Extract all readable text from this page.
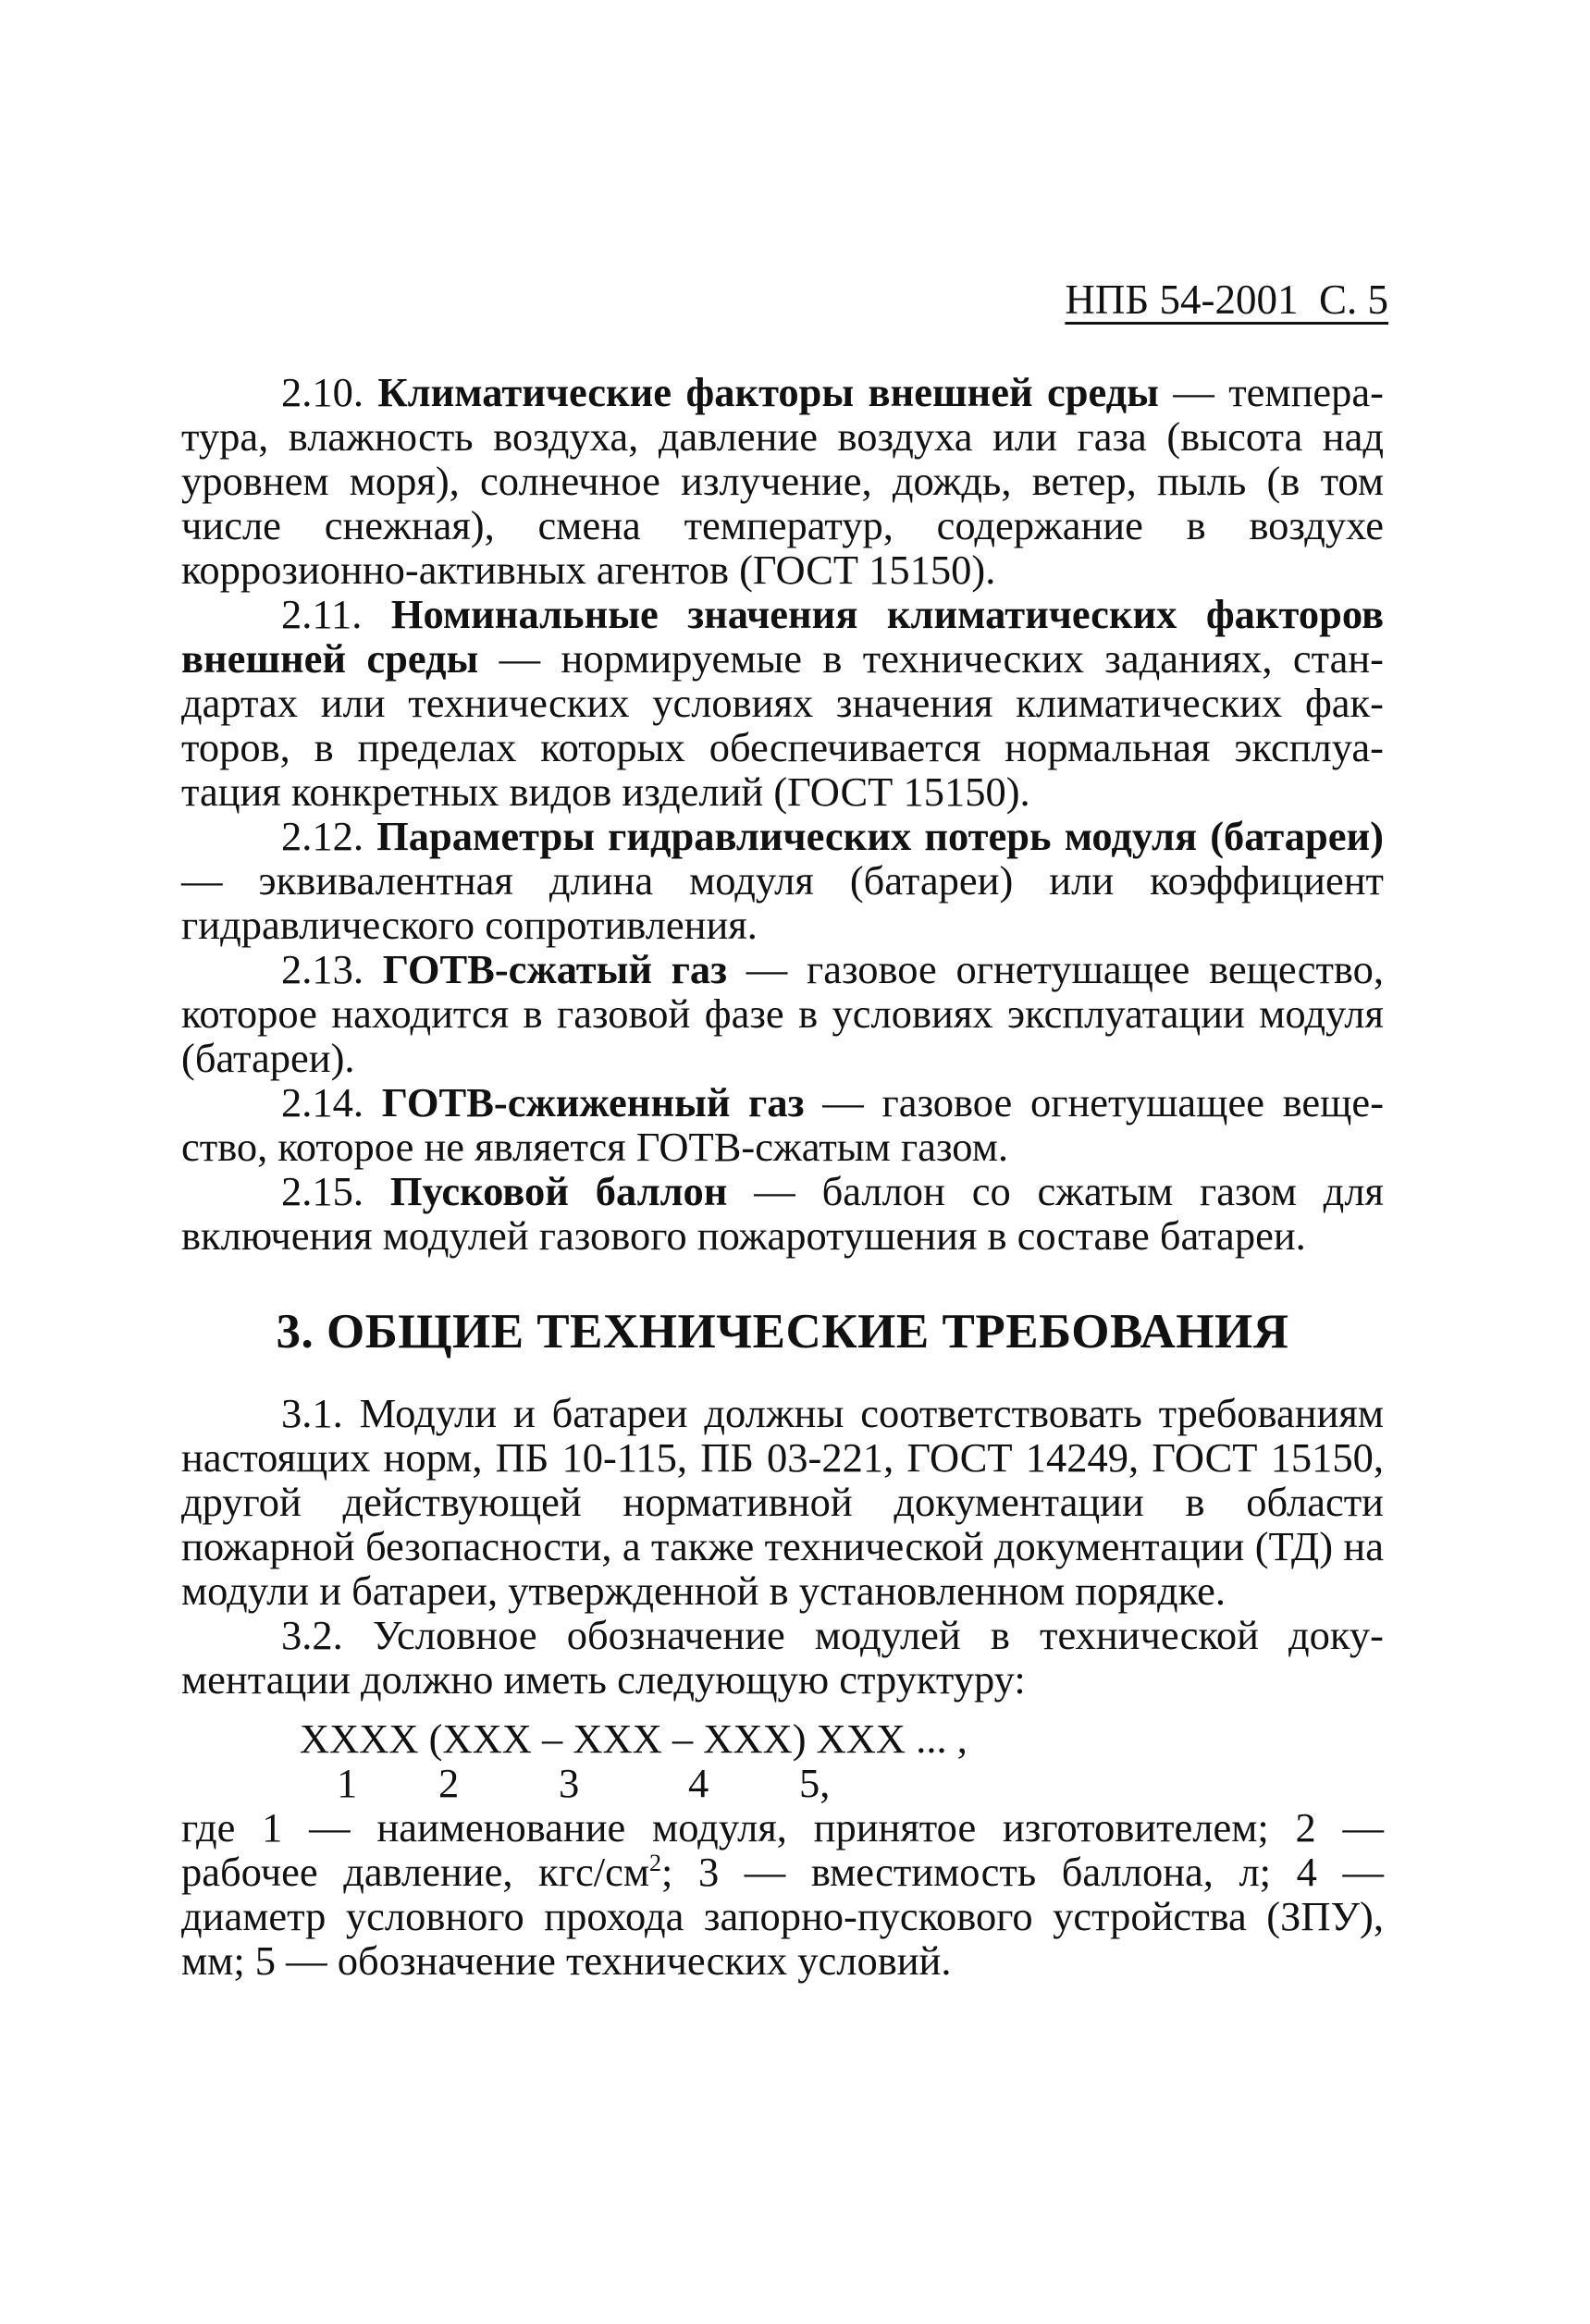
НПБ 54-2001 С. 5

2.10. Климатические факторы внешней среды — температура, влажность воздуха, давление воздуха или газа (высота над уровнем моря), солнечное излучение, дождь, ветер, пыль (в том числе снежная), смена температур, содержание в воздухе коррозионно-активных агентов (ГОСТ 15150).

2.11. Номинальные значения климатических факторов внешней среды — нормируемые в технических заданиях, стандартах или технических условиях значения климатических факторов, в пределах которых обеспечивается нормальная эксплуатация конкретных видов изделий (ГОСТ 15150).

2.12. Параметры гидравлических потерь модуля (батареи) — эквивалентная длина модуля (батареи) или коэффициент гидравлического сопротивления.

2.13. ГОТВ-сжатый газ — газовое огнетушащее вещество, которое находится в газовой фазе в условиях эксплуатации модуля (батареи).

2.14. ГОТВ-сжиженный газ — газовое огнетушащее вещество, которое не является ГОТВ-сжатым газом.

2.15. Пусковой баллон — баллон со сжатым газом для включения модулей газового пожаротушения в составе батареи.

3. ОБЩИЕ ТЕХНИЧЕСКИЕ ТРЕБОВАНИЯ

3.1. Модули и батареи должны соответствовать требованиям настоящих норм, ПБ 10-115, ПБ 03-221, ГОСТ 14249, ГОСТ 15150, другой действующей нормативной документации в области пожарной безопасности, а также технической документации (ТД) на модули и батареи, утвержденной в установленном порядке.

3.2. Условное обозначение модулей в технической документации должно иметь следующую структуру:

XXXX (XXX – XXX – XXX) XXX ... ,
1 2 3	4 5,

где 1 — наименование модуля, принятое изготовителем; 2 — рабочее давление, кгс/$см^2$; 3 — вместимость баллона, л; 4 — диаметр условного прохода запорно-пускового устройства (ЗПУ), мм; 5 — обозначение технических условий.
